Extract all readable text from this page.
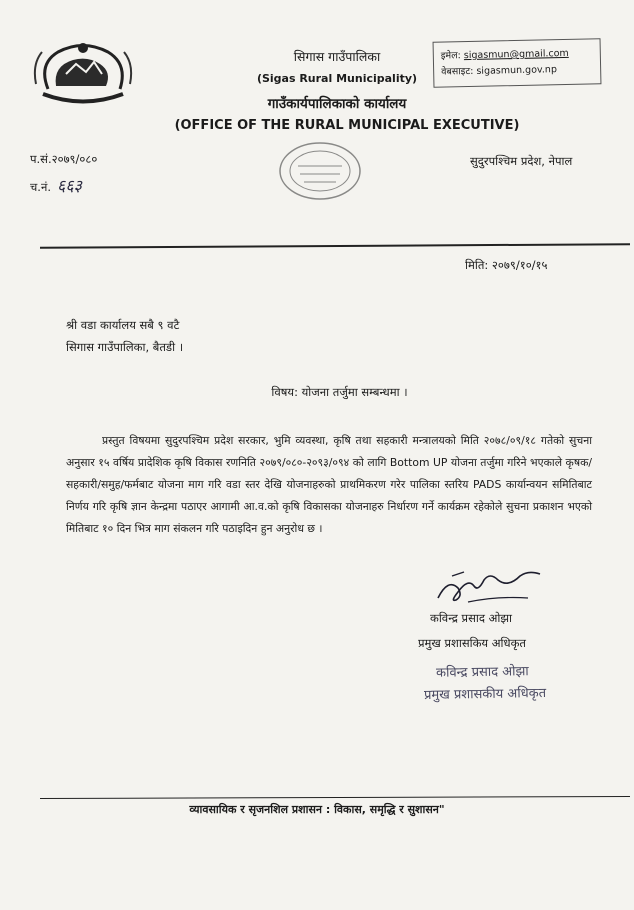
सिगास गाउँपालिका
(Sigas Rural Municipality)
गाउँकार्यपालिकाको कार्यालय
(OFFICE OF THE RURAL MUNICIPAL EXECUTIVE)
इमेल: sigasmun@gmail.com
वेबसाइट: sigasmun.gov.np
प.सं.२०७९/०८०
च.नं. ६६३
सुदुरपश्चिम प्रदेश, नेपाल
मिति: २०७९/१०/१५
श्री वडा कार्यालय सबै ९ वटै
सिगास गाउँपालिका, बैतडी ।
विषय: योजना तर्जुमा सम्बन्धमा ।
प्रस्तुत विषयमा सुदुरपश्चिम प्रदेश सरकार, भुमि व्यवस्था, कृषि तथा सहकारी मन्त्रालयको मिति २०७८/०९/१८ गतेको सुचना अनुसार १५ वर्षिय प्रादेशिक कृषि विकास रणनिति २०७९/०८०-२०९३/०९४ को लागि Bottom UP योजना तर्जुमा गरिने भएकाले कृषक/सहकारी/समुह/फर्मबाट योजना माग गरि वडा स्तर देखि योजनाहरुको प्राथमिकरण गरेर पालिका स्तरिय PADS कार्यान्वयन समितिबाट निर्णय गरि कृषि ज्ञान केन्द्रमा पठाएर आगामी आ.व.को कृषि विकासका योजनाहरु निर्धारण गर्ने कार्यक्रम रहेकोले सुचना प्रकाशन भएको मितिबाट १० दिन भित्र माग संकलन गरि पठाइदिन हुन अनुरोध छ ।
कविन्द्र प्रसाद ओझा
प्रमुख प्रशासकिय अधिकृत
कविन्द्र प्रसाद ओझा
प्रमुख प्रशासकीय अधिकृत
व्यावसायिक र सृजनशिल प्रशासन : विकास, समृद्धि र सुशासन"
